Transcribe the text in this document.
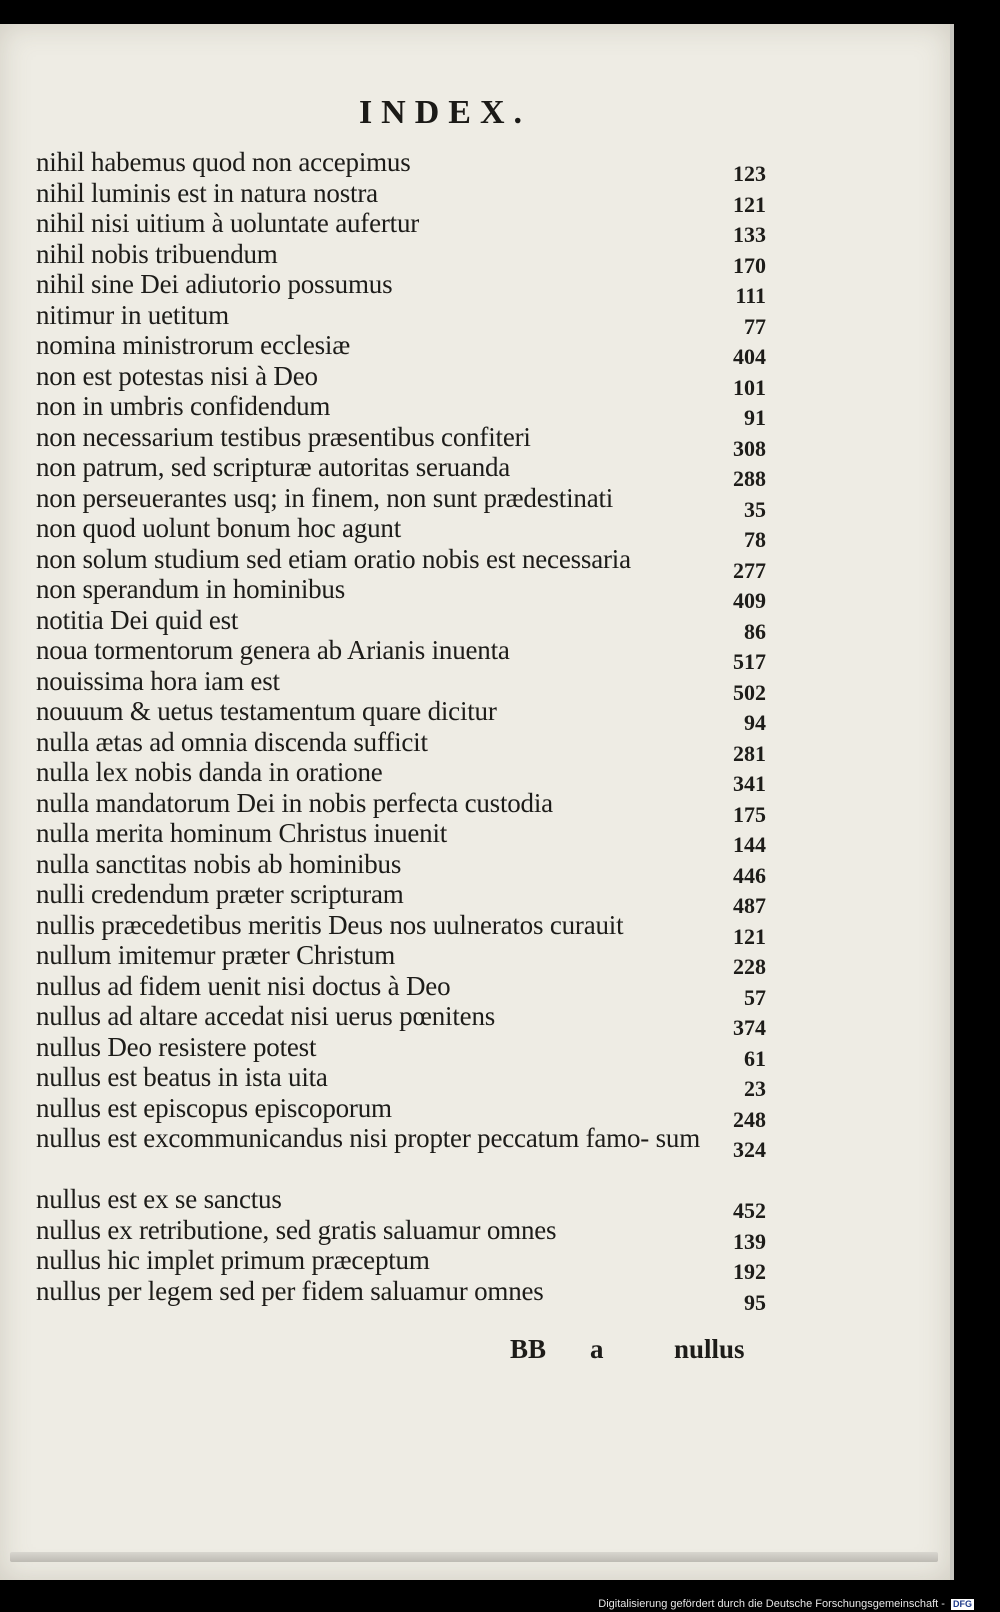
INDEX.
nihil habemus quod non accepimus	123
nihil luminis est in natura nostra	121
nihil nisi uitium à uoluntate aufertur	133
nihil nobis tribuendum	170
nihil sine Dei adiutorio possumus	111
nitimur in uetitum	77
nomina ministrorum ecclesiæ	404
non est potestas nisi à Deo	101
non in umbris confidendum	91
non necessarium testibus præsentibus confiteri	308
non patrum, sed scripturæ autoritas seruanda	288
non perseuerantes usq; in finem, non sunt prædestinati	35
non quod uolunt bonum hoc agunt	78
non solum studium sed etiam oratio nobis est necessaria	277
non sperandum in hominibus	409
notitia Dei quid est	86
noua tormentorum genera ab Arianis inuenta	517
nouissima hora iam est	502
nouuum & uetus testamentum quare dicitur	94
nulla ætas ad omnia discenda sufficit	281
nulla lex nobis danda in oratione	341
nulla mandatorum Dei in nobis perfecta custodia	175
nulla merita hominum Christus inuenit	144
nulla sanctitas nobis ab hominibus	446
nulli credendum præter scripturam	487
nullis præcedetibus meritis Deus nos uulneratos curauit	121
nullum imitemur præter Christum	228
nullus ad fidem uenit nisi doctus à Deo	57
nullus ad altare accedat nisi uerus pœnitens	374
nullus Deo resistere potest	61
nullus est beatus in ista uita	23
nullus est episcopus episcoporum	248
nullus est excommunicandus nisi propter peccatum famo- sum	324
nullus est ex se sanctus	452
nullus ex retributione, sed gratis saluamur omnes	139
nullus hic implet primum præceptum	192
nullus per legem sed per fidem saluamur omnes	95
BB a	nullus
Digitalisierung gefördert durch die Deutsche Forschungsgemeinschaft - DFG
